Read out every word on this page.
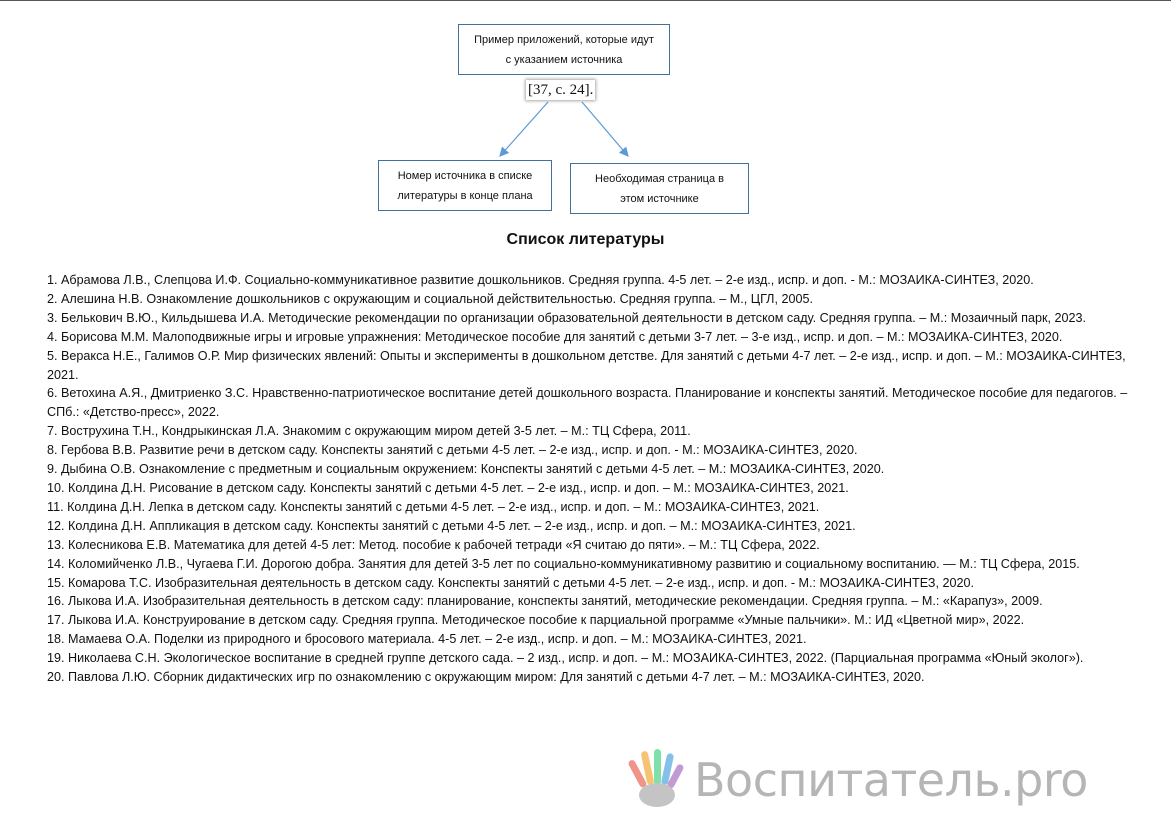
Пример приложений, которые идут с указанием источника
[37, с. 24].
Номер источника в списке литературы в конце плана
Необходимая страница в этом источнике
Список литературы
1. Абрамова Л.В., Слепцова И.Ф. Социально-коммуникативное развитие дошкольников. Средняя группа. 4-5 лет. – 2-е изд., испр. и доп. - М.: МОЗАИКА-СИНТЕЗ, 2020.
2. Алешина Н.В. Ознакомление дошкольников с окружающим и социальной действительностью. Средняя группа. – М., ЦГЛ, 2005.
3. Белькович В.Ю., Кильдышева И.А. Методические рекомендации по организации образовательной деятельности в детском саду. Средняя группа. – М.: Мозаичный парк, 2023.
4. Борисова М.М. Малоподвижные игры и игровые упражнения: Методическое пособие для занятий с детьми 3-7 лет. – 3-е изд., испр. и доп. – М.: МОЗАИКА-СИНТЕЗ, 2020.
5. Веракса Н.Е., Галимов О.Р. Мир физических явлений: Опыты и эксперименты в дошкольном детстве. Для занятий с детьми 4-7 лет. – 2-е изд., испр. и доп. – М.: МОЗАИКА-СИНТЕЗ, 2021.
6. Ветохина А.Я., Дмитриенко З.С. Нравственно-патриотическое воспитание детей дошкольного возраста. Планирование и конспекты занятий. Методическое пособие для педагогов. – СПб.: «Детство-пресс», 2022.
7. Вострухина Т.Н., Кондрыкинская Л.А. Знакомим с окружающим миром детей 3-5 лет. – М.: ТЦ Сфера, 2011.
8. Гербова В.В. Развитие речи в детском саду. Конспекты занятий с детьми 4-5 лет. – 2-е изд., испр. и доп. - М.: МОЗАИКА-СИНТЕЗ, 2020.
9. Дыбина О.В. Ознакомление с предметным и социальным окружением: Конспекты занятий с детьми 4-5 лет. – М.: МОЗАИКА-СИНТЕЗ, 2020.
10. Колдина Д.Н. Рисование в детском саду. Конспекты занятий с детьми 4-5 лет. – 2-е изд., испр. и доп. – М.: МОЗАИКА-СИНТЕЗ, 2021.
11. Колдина Д.Н. Лепка в детском саду. Конспекты занятий с детьми 4-5 лет. – 2-е изд., испр. и доп. – М.: МОЗАИКА-СИНТЕЗ, 2021.
12. Колдина Д.Н. Аппликация в детском саду. Конспекты занятий с детьми 4-5 лет. – 2-е изд., испр. и доп. – М.: МОЗАИКА-СИНТЕЗ, 2021.
13. Колесникова Е.В. Математика для детей 4-5 лет: Метод. пособие к рабочей тетради «Я считаю до пяти». – М.: ТЦ Сфера, 2022.
14. Коломийченко Л.В., Чугаева Г.И. Дорогою добра. Занятия для детей 3-5 лет по социально-коммуникативному развитию и социальному воспитанию. — М.: ТЦ Сфера, 2015.
15. Комарова Т.С. Изобразительная деятельность в детском саду. Конспекты занятий с детьми 4-5 лет. – 2-е изд., испр. и доп. - М.: МОЗАИКА-СИНТЕЗ, 2020.
16. Лыкова И.А. Изобразительная деятельность в детском саду: планирование, конспекты занятий, методические рекомендации. Средняя группа. – М.: «Карапуз», 2009.
17. Лыкова И.А. Конструирование в детском саду. Средняя группа. Методическое пособие к парциальной программе «Умные пальчики». М.: ИД «Цветной мир», 2022.
18. Мамаева О.А. Поделки из природного и бросового материала. 4-5 лет. – 2-е изд., испр. и доп. – М.: МОЗАИКА-СИНТЕЗ, 2021.
19. Николаева С.Н. Экологическое воспитание в средней группе детского сада. – 2 изд., испр. и доп. – М.: МОЗАИКА-СИНТЕЗ, 2022. (Парциальная программа «Юный эколог»).
20. Павлова Л.Ю. Сборник дидактических игр по ознакомлению с окружающим миром: Для занятий с детьми 4-7 лет. – М.: МОЗАИКА-СИНТЕЗ, 2020.
Воспитатель.pro
